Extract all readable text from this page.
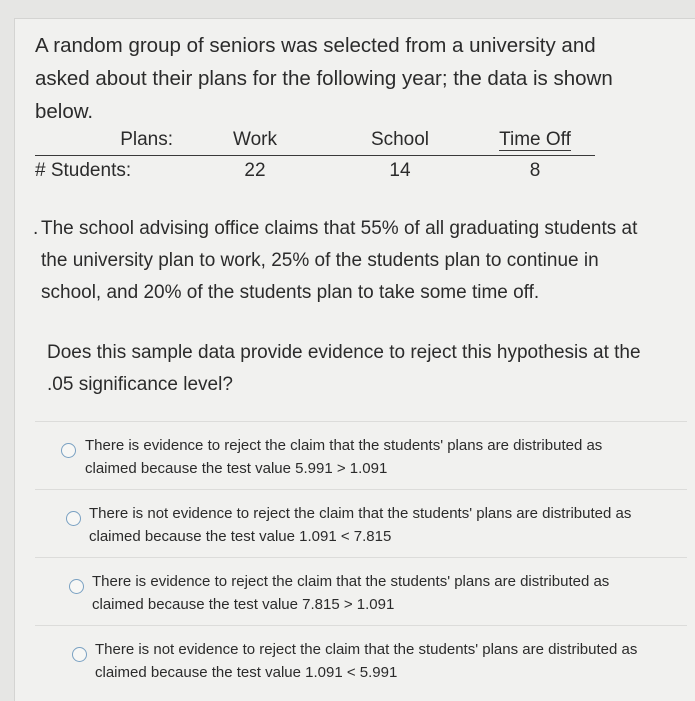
A random group of seniors was selected from a university and asked about their plans for the following year; the data is shown below.

Plans:	Work	School	Time Off
# Students:	22	14	8

. The school advising office claims that 55% of all graduating students at the university plan to work, 25% of the students plan to continue in school, and 20% of the students plan to take some time off.

Does this sample data provide evidence to reject this hypothesis at the .05 significance level?

There is evidence to reject the claim that the students' plans are distributed as claimed because the test value 5.991 > 1.091

There is not evidence to reject the claim that the students' plans are distributed as claimed because the test value 1.091 < 7.815

There is evidence to reject the claim that the students' plans are distributed as claimed because the test value 7.815 > 1.091

There is not evidence to reject the claim that the students' plans are distributed as claimed because the test value 1.091 < 5.991
